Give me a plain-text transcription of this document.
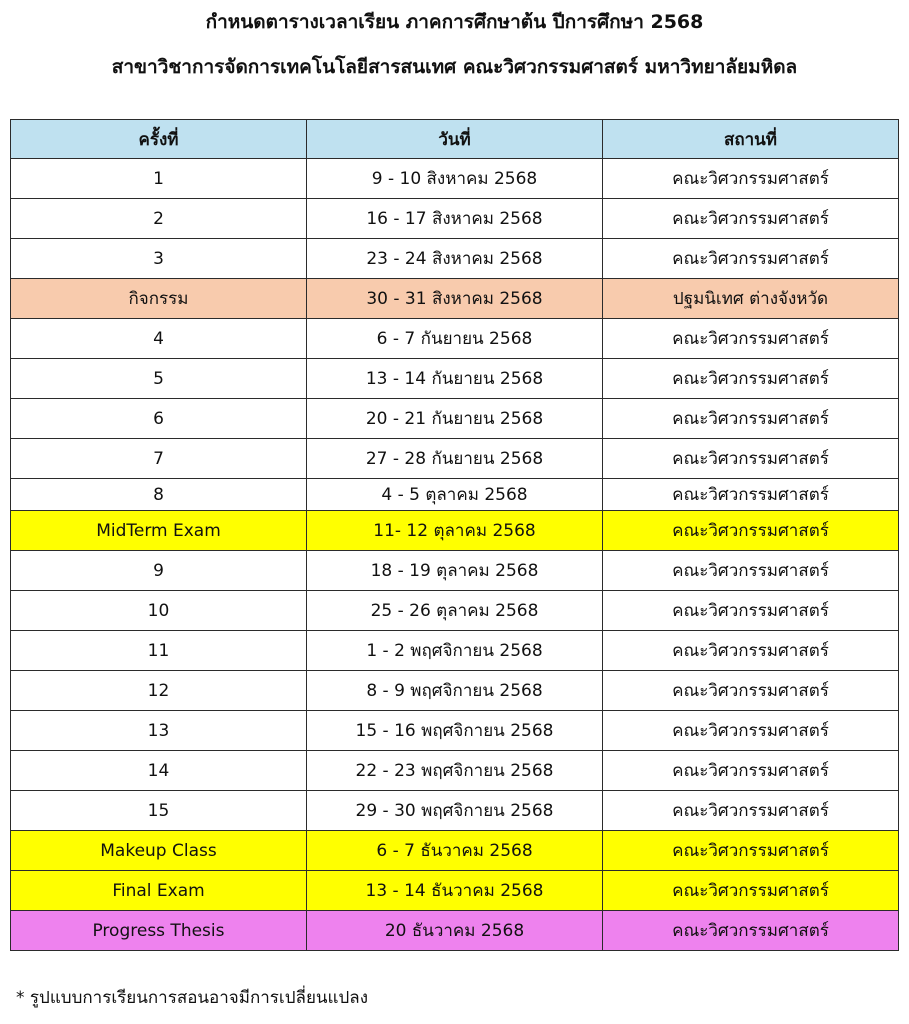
กำหนดตารางเวลาเรียน ภาคการศึกษาต้น ปีการศึกษา 2568
สาขาวิชาการจัดการเทคโนโลยีสารสนเทศ คณะวิศวกรรมศาสตร์ มหาวิทยาลัยมหิดล
ครั้งที่	วันที่	สถานที่
1	9 - 10 สิงหาคม 2568	คณะวิศวกรรมศาสตร์
2	16 - 17 สิงหาคม 2568	คณะวิศวกรรมศาสตร์
3	23 - 24 สิงหาคม 2568	คณะวิศวกรรมศาสตร์
กิจกรรม	30 - 31 สิงหาคม 2568	ปฐมนิเทศ ต่างจังหวัด
4	6 - 7 กันยายน 2568	คณะวิศวกรรมศาสตร์
5	13 - 14 กันยายน 2568	คณะวิศวกรรมศาสตร์
6	20 - 21 กันยายน 2568	คณะวิศวกรรมศาสตร์
7	27 - 28 กันยายน 2568	คณะวิศวกรรมศาสตร์
8	4 - 5 ตุลาคม 2568	คณะวิศวกรรมศาสตร์
MidTerm Exam	11- 12 ตุลาคม 2568	คณะวิศวกรรมศาสตร์
9	18 - 19 ตุลาคม 2568	คณะวิศวกรรมศาสตร์
10	25 - 26 ตุลาคม 2568	คณะวิศวกรรมศาสตร์
11	1 - 2 พฤศจิกายน 2568	คณะวิศวกรรมศาสตร์
12	8 - 9 พฤศจิกายน 2568	คณะวิศวกรรมศาสตร์
13	15 - 16 พฤศจิกายน 2568	คณะวิศวกรรมศาสตร์
14	22 - 23 พฤศจิกายน 2568	คณะวิศวกรรมศาสตร์
15	29 - 30 พฤศจิกายน 2568	คณะวิศวกรรมศาสตร์
Makeup Class	6 - 7 ธันวาคม 2568	คณะวิศวกรรมศาสตร์
Final Exam	13 - 14 ธันวาคม 2568	คณะวิศวกรรมศาสตร์
Progress Thesis	20 ธันวาคม 2568	คณะวิศวกรรมศาสตร์
* รูปแบบการเรียนการสอนอาจมีการเปลี่ยนแปลง
